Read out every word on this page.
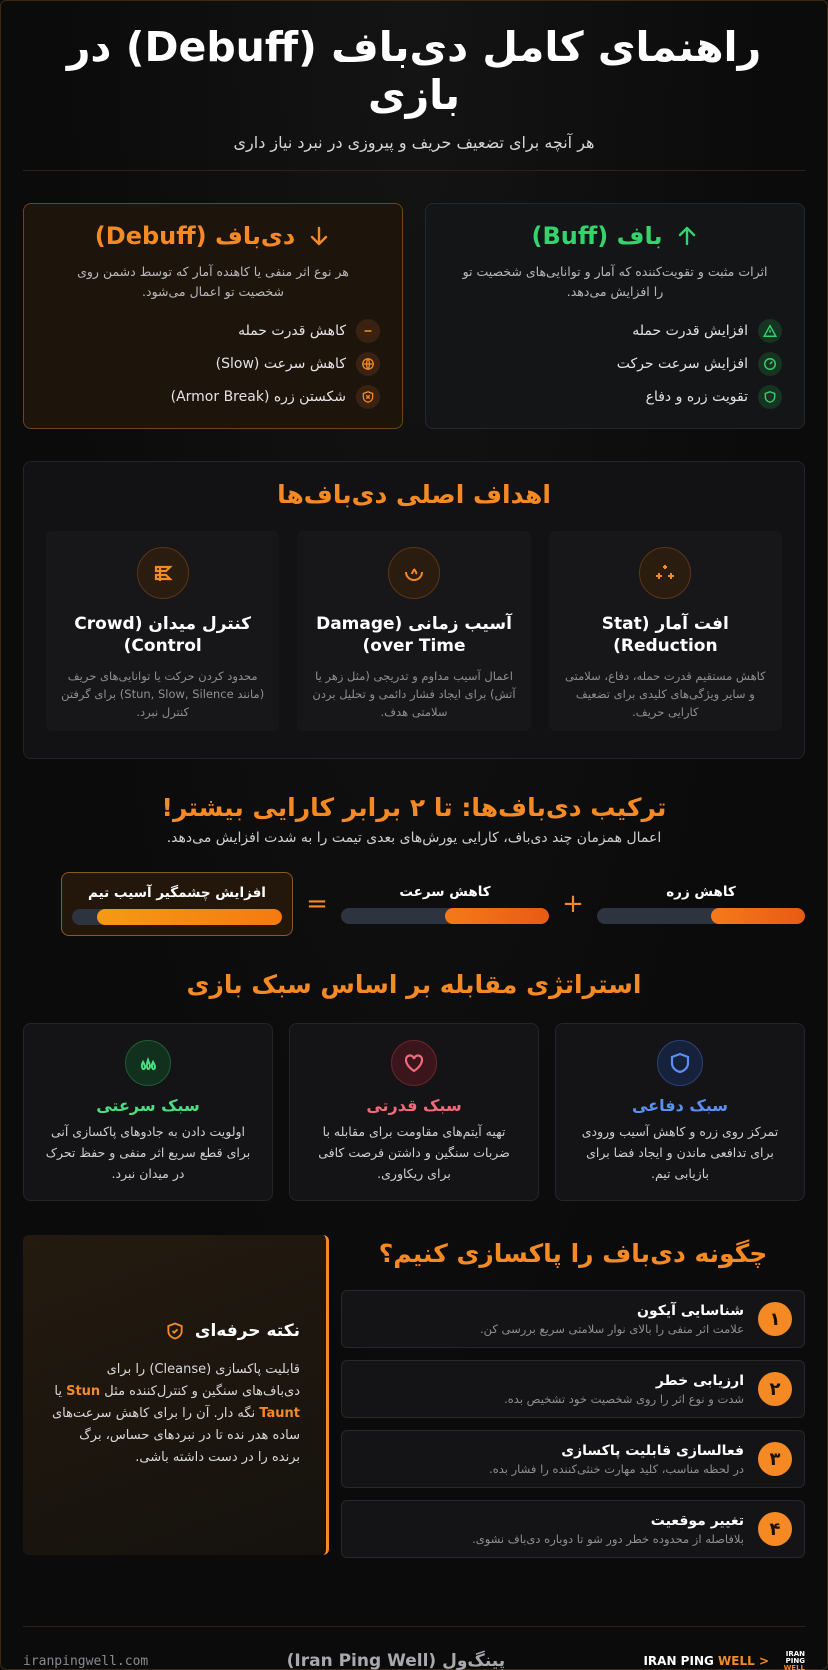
راهنمای کامل دی‌باف (Debuff) در بازی
هر آنچه برای تضعیف حریف و پیروزی در نبرد نیاز داری
باف (Buff)
اثرات مثبت و تقویت‌کننده که آمار و توانایی‌های شخصیت تو را افزایش می‌دهد.
افزایش قدرت حمله
افزایش سرعت حرکت
تقویت زره و دفاع
دی‌باف (Debuff)
هر نوع اثر منفی یا کاهنده آمار که توسط دشمن روی شخصیت تو اعمال می‌شود.
کاهش قدرت حمله
کاهش سرعت (Slow)
شکستن زره (Armor Break)
اهداف اصلی دی‌باف‌ها
افت آمار (Stat Reduction)

کاهش مستقیم قدرت حمله، دفاع، سلامتی و سایر ویژگی‌های کلیدی برای تضعیف کارایی حریف.

آسیب زمانی (Damage over Time)

اعمال آسیب مداوم و تدریجی (مثل زهر یا آتش) برای ایجاد فشار دائمی و تحلیل بردن سلامتی هدف.

کنترل میدان (Crowd Control)

محدود کردن حرکت یا توانایی‌های حریف (مانند Stun, Slow, Silence) برای گرفتن کنترل نبرد.

ترکیب دی‌باف‌ها: تا ۲ برابر کارایی بیشتر!
اعمال همزمان چند دی‌باف، کارایی یورش‌های بعدی تیمت را به شدت افزایش می‌دهد.
کاهش زره
+
کاهش سرعت
=
افزایش چشمگیر آسیب تیم
استراتژی مقابله بر اساس سبک بازی
سبک دفاعی

تمرکز روی زره و کاهش آسیب ورودی برای تدافعی ماندن و ایجاد فضا برای بازیابی تیم.

سبک قدرتی

تهیه آیتم‌های مقاومت برای مقابله با ضربات سنگین و داشتن فرصت کافی برای ریکاوری.

سبک سرعتی

اولویت دادن به جادوهای پاکسازی آنی برای قطع سریع اثر منفی و حفظ تحرک در میدان نبرد.

چگونه دی‌باف را پاکسازی کنیم؟
۱
شناسایی آیکون
علامت اثر منفی را بالای نوار سلامتی سریع بررسی کن.
۲
ارزیابی خطر
شدت و نوع اثر را روی شخصیت خود تشخیص بده.
۳
فعالسازی قابلیت پاکسازی
در لحظه مناسب، کلید مهارت خنثی‌کننده را فشار بده.
۴
تغییر موقعیت
بلافاصله از محدوده خطر دور شو تا دوباره دی‌باف نشوی.
نکته حرفه‌ای

قابلیت پاکسازی (Cleanse) را برای دی‌باف‌های سنگین و کنترل‌کننده مثل Stun یا Taunt نگه دار. آن را برای کاهش سرعت‌های ساده هدر نده تا در نبردهای حساس، برگ برنده را در دست داشته باشی.

IRAN
PING
WELL
IRAN PING WELL >
پینگ‌ول (Iran Ping Well)
iranpingwell.com
